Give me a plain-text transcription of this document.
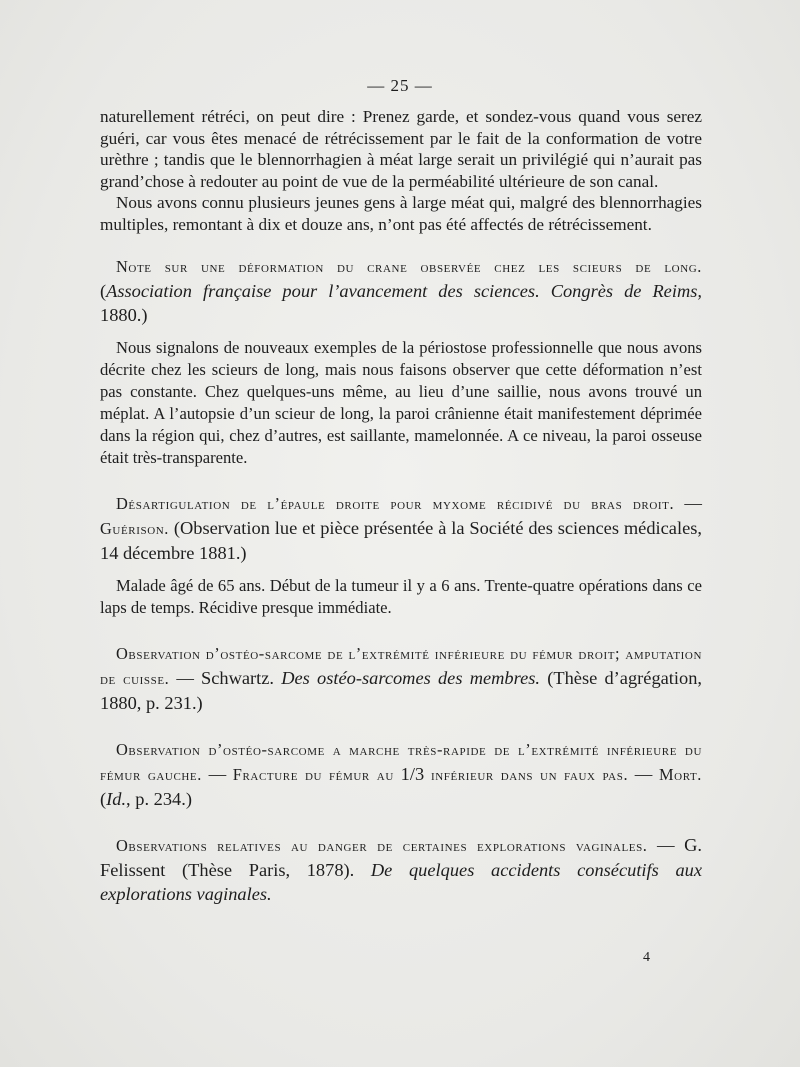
— 25 —

naturellement rétréci, on peut dire : Prenez garde, et sondez-vous quand vous serez guéri, car vous êtes menacé de rétrécissement par le fait de la conformation de votre urèthre ; tandis que le blennorrhagien à méat large serait un privilégié qui n’aurait pas grand’chose à redouter au point de vue de la perméabilité ultérieure de son canal.

Nous avons connu plusieurs jeunes gens à large méat qui, malgré des blennorrhagies multiples, remontant à dix et douze ans, n’ont pas été affectés de rétrécissement.

Note sur une déformation du crane observée chez les scieurs de long. (Association française pour l’avancement des sciences. Congrès de Reims, 1880.)

Nous signalons de nouveaux exemples de la périostose professionnelle que nous avons décrite chez les scieurs de long, mais nous faisons observer que cette déformation n’est pas constante. Chez quelques-uns même, au lieu d’une saillie, nous avons trouvé un méplat. A l’autopsie d’un scieur de long, la paroi crânienne était manifestement déprimée dans la région qui, chez d’autres, est saillante, mamelonnée. A ce niveau, la paroi osseuse était très-transparente.

Désartigulation de l’épaule droite pour myxome récidivé du bras droit. — Guérison. (Observation lue et pièce présentée à la Société des sciences médicales, 14 décembre 1881.)

Malade âgé de 65 ans. Début de la tumeur il y a 6 ans. Trente-quatre opérations dans ce laps de temps. Récidive presque immédiate.

Observation d’ostéo-sarcome de l’extrémité inférieure du fémur droit; amputation de cuisse. — Schwartz. Des ostéo-sarcomes des membres. (Thèse d’agrégation, 1880, p. 231.)

Observation d’ostéo-sarcome a marche très-rapide de l’extrémité inférieure du fémur gauche. — Fracture du fémur au 1/3 inférieur dans un faux pas. — Mort. (Id., p. 234.)

Observations relatives au danger de certaines explorations vaginales. — G. Felissent (Thèse Paris, 1878). De quelques accidents consécutifs aux explorations vaginales.

4
